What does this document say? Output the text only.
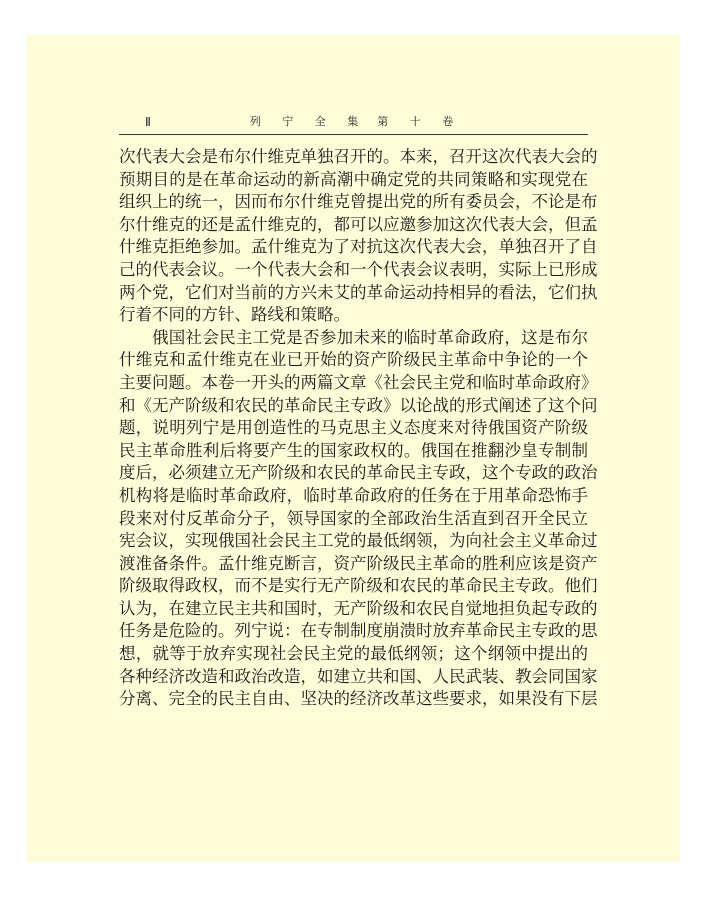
Ⅱ	列 宁 全 集　第 十 卷
次代表大会是布尔什维克单独召开的。本来，召开这次代表大会的
预期目的是在革命运动的新高潮中确定党的共同策略和实现党在
组织上的统一，因而布尔什维克曾提出党的所有委员会，不论是布
尔什维克的还是孟什维克的，都可以应邀参加这次代表大会，但孟
什维克拒绝参加。孟什维克为了对抗这次代表大会，单独召开了自
己的代表会议。一个代表大会和一个代表会议表明，实际上已形成
两个党，它们对当前的方兴未艾的革命运动持相异的看法，它们执
行着不同的方针、路线和策略。
俄国社会民主工党是否参加未来的临时革命政府，这是布尔
什维克和孟什维克在业已开始的资产阶级民主革命中争论的一个
主要问题。本卷一开头的两篇文章《社会民主党和临时革命政府》
和《无产阶级和农民的革命民主专政》以论战的形式阐述了这个问
题，说明列宁是用创造性的马克思主义态度来对待俄国资产阶级
民主革命胜利后将要产生的国家政权的。俄国在推翻沙皇专制制
度后，必须建立无产阶级和农民的革命民主专政，这个专政的政治
机构将是临时革命政府，临时革命政府的任务在于用革命恐怖手
段来对付反革命分子，领导国家的全部政治生活直到召开全民立
宪会议，实现俄国社会民主工党的最低纲领，为向社会主义革命过
渡准备条件。孟什维克断言，资产阶级民主革命的胜利应该是资产
阶级取得政权，而不是实行无产阶级和农民的革命民主专政。他们
认为，在建立民主共和国时，无产阶级和农民自觉地担负起专政的
任务是危险的。列宁说：在专制制度崩溃时放弃革命民主专政的思
想，就等于放弃实现社会民主党的最低纲领；这个纲领中提出的
各种经济改造和政治改造，如建立共和国、人民武装、教会同国家
分离、完全的民主自由、坚决的经济改革这些要求，如果没有下层
